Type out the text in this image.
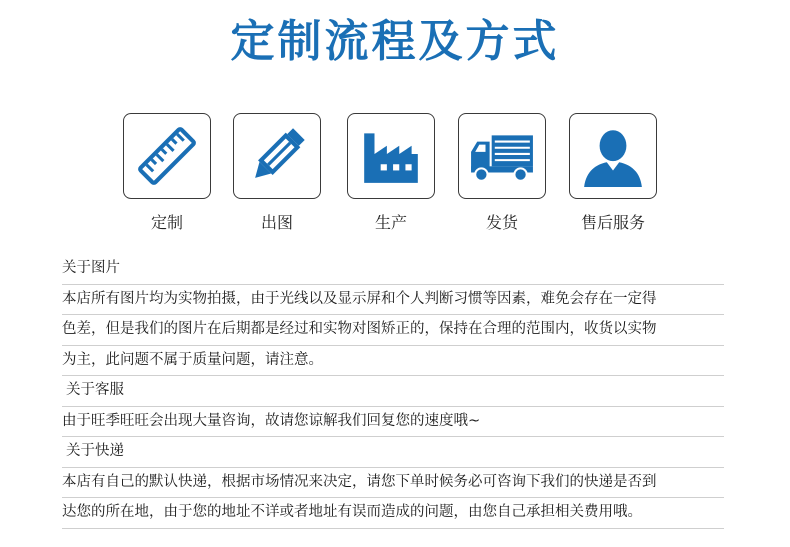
定制流程及方式
定制	出图	生产	发货	售后服务
关于图片
本店所有图片均为实物拍摄，由于光线以及显示屏和个人判断习惯等因素，难免会存在一定得
色差，但是我们的图片在后期都是经过和实物对图矫正的，保持在合理的范围内，收货以实物
为主，此问题不属于质量问题，请注意。
关于客服
由于旺季旺旺会出现大量咨询，故请您谅解我们回复您的速度哦~
关于快递
本店有自己的默认快递，根据市场情况来决定，请您下单时候务必可咨询下我们的快递是否到
达您的所在地，由于您的地址不详或者地址有误而造成的问题，由您自己承担相关费用哦。
